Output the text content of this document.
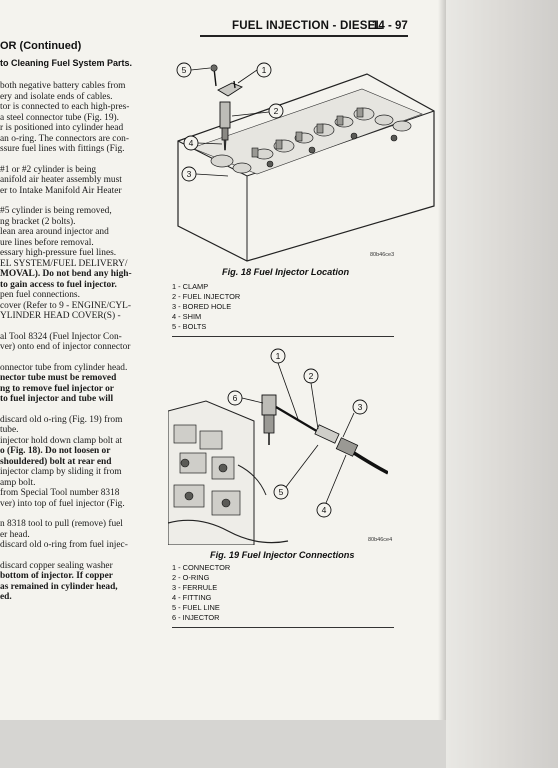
FUEL INJECTION - DIESEL
14 - 97
OR (Continued)
to Cleaning Fuel System Parts.

both negative battery cables from

ery and isolate ends of cables.

tor is connected to each high-pres-

a steel connector tube (Fig. 19).

r is positioned into cylinder head

an o-ring. The connectors are con-

ssure fuel lines with fittings (Fig.

#1 or #2 cylinder is being

anifold air heater assembly must

er to Intake Manifold Air Heater

#5 cylinder is being removed,

ng bracket (2 bolts).

lean area around injector and

ure lines before removal.

essary high-pressure fuel lines.

EL SYSTEM/FUEL DELIVERY/

MOVAL). Do not bend any high-

to gain access to fuel injector.

pen fuel connections.

cover (Refer to 9 - ENGINE/CYL-

YLINDER HEAD COVER(S) -

al Tool 8324 (Fuel Injector Con-

ver) onto end of injector connector

onnector tube from cylinder head.

nector tube must be removed

ng to remove fuel injector or

to fuel injector and tube will

discard old o-ring (Fig. 19) from

tube.

injector hold down clamp bolt at

o (Fig. 18). Do not loosen or

shouldered) bolt at rear end

injector clamp by sliding it from

amp bolt.

from Special Tool number 8318

ver) into top of fuel injector (Fig.

n 8318 tool to pull (remove) fuel

er head.

discard old o-ring from fuel injec-

discard copper sealing washer

bottom of injector. If copper

as remained in cylinder head,

ed.

5	1
2
4
3
80b46ce3
Fig. 18 Fuel Injector Location
1 - CLAMP
2 - FUEL INJECTOR
3 - BORED HOLE
4 - SHIM
5 - BOLTS
1
2
6
3
5
4
80b46ce4
Fig. 19 Fuel Injector Connections
1 - CONNECTOR
2 - O-RING
3 - FERRULE
4 - FITTING
5 - FUEL LINE
6 - INJECTOR
